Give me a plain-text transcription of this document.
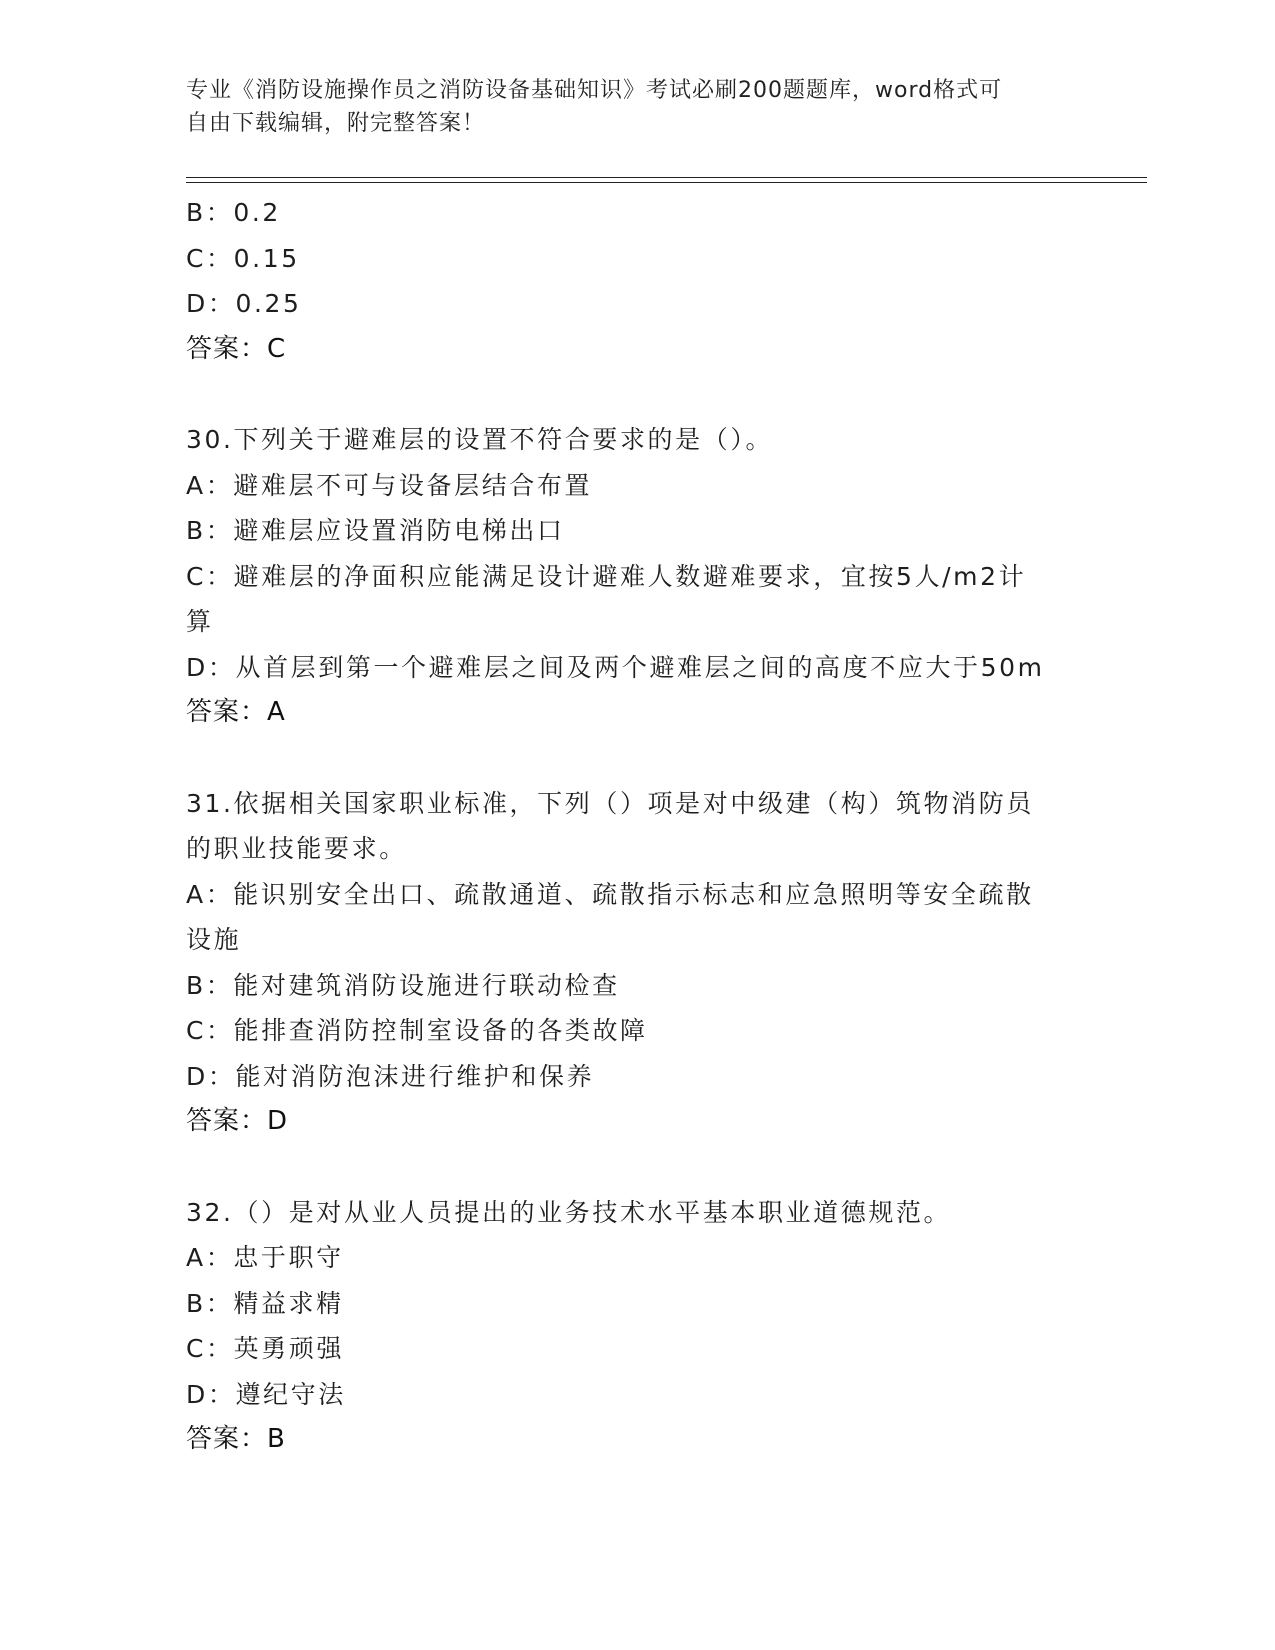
专业《消防设施操作员之消防设备基础知识》考试必刷200题题库，word格式可
自由下载编辑，附完整答案！
B：0.2
C：0.15
D：0.25
答案：C
30.下列关于避难层的设置不符合要求的是（）。
A：避难层不可与设备层结合布置
B：避难层应设置消防电梯出口
C：避难层的净面积应能满足设计避难人数避难要求，宜按5人/m2计
算
D：从首层到第一个避难层之间及两个避难层之间的高度不应大于50m
答案：A
31.依据相关国家职业标准，下列（）项是对中级建（构）筑物消防员
的职业技能要求。
A：能识别安全出口、疏散通道、疏散指示标志和应急照明等安全疏散
设施
B：能对建筑消防设施进行联动检查
C：能排查消防控制室设备的各类故障
D：能对消防泡沫进行维护和保养
答案：D
32.（）是对从业人员提出的业务技术水平基本职业道德规范。
A：忠于职守
B：精益求精
C：英勇顽强
D：遵纪守法
答案：B
